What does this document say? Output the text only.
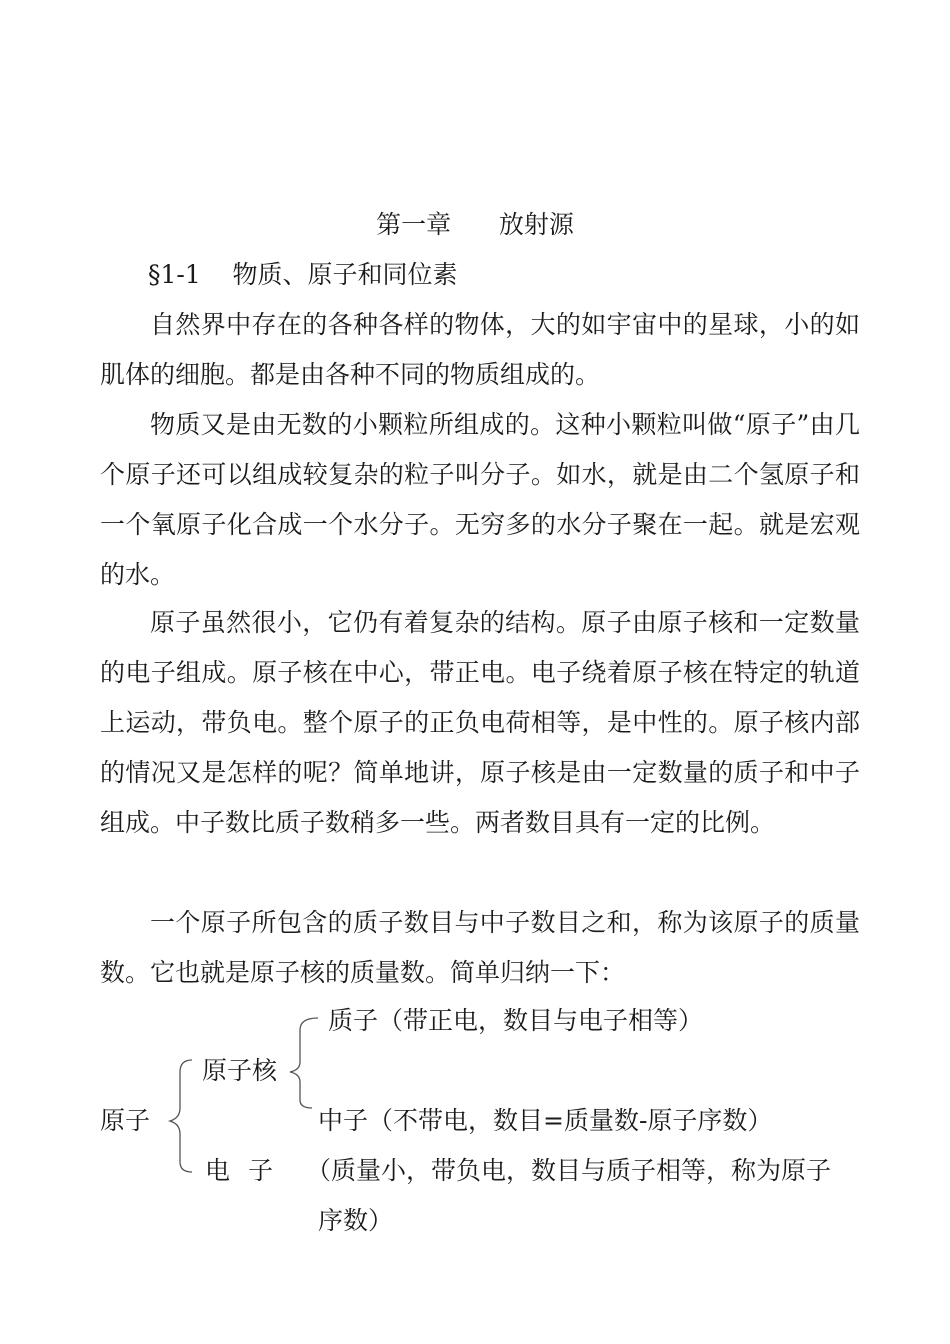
第一章      放射源
§1-1    物质、原子和同位素

自然界中存在的各种各样的物体，大的如宇宙中的星球，小的如肌体的细胞。都是由各种不同的物质组成的。

物质又是由无数的小颗粒所组成的。这种小颗粒叫做“原子”由几个原子还可以组成较复杂的粒子叫分子。如水，就是由二个氢原子和一个氧原子化合成一个水分子。无穷多的水分子聚在一起。就是宏观的水。

原子虽然很小，它仍有着复杂的结构。原子由原子核和一定数量的电子组成。原子核在中心，带正电。电子绕着原子核在特定的轨道上运动，带负电。整个原子的正负电荷相等，是中性的。原子核内部的情况又是怎样的呢？简单地讲，原子核是由一定数量的质子和中子组成。中子数比质子数稍多一些。两者数目具有一定的比例。

一个原子所包含的质子数目与中子数目之和，称为该原子的质量数。它也就是原子核的质量数。简单归纳一下：

原子
原子核
质子（带正电，数目与电子相等）
中子（不带电，数目=质量数-原子序数）
电子 （质量小，带负电，数目与质子相等，称为原子
序数）
